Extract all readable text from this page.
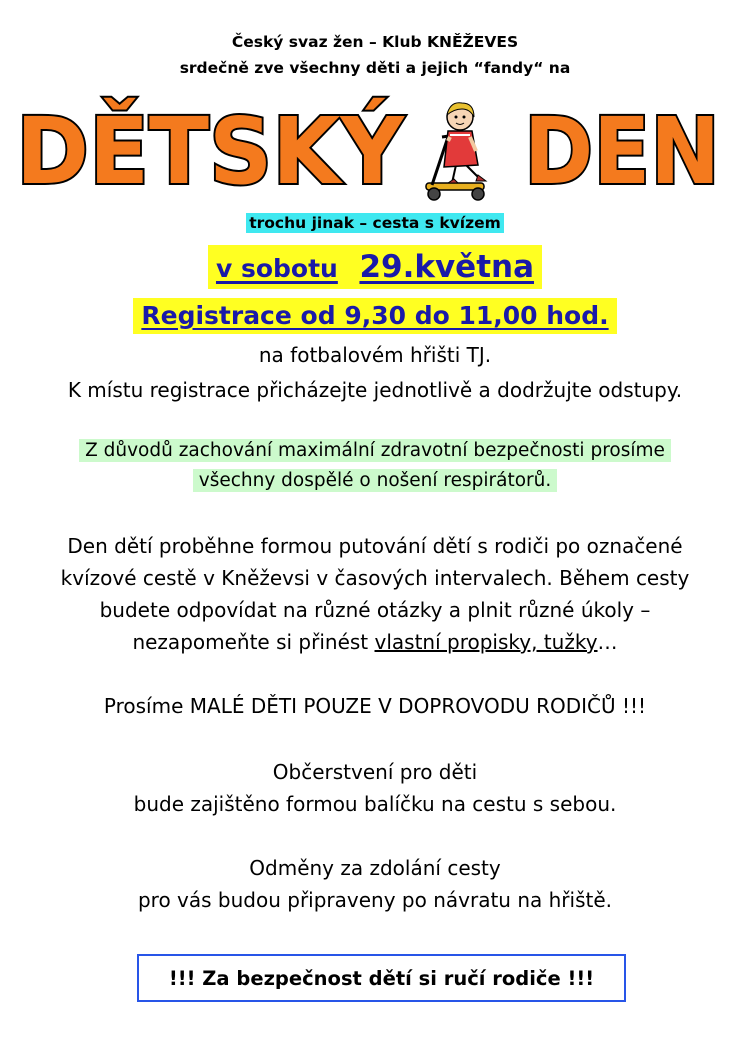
Český svaz žen – Klub KNĚŽEVES
srdečně zve všechny děti a jejich “fandy“ na
DĚTSKÝ DEN
trochu jinak – cesta s kvízem
v sobotu 29.května
Registrace od 9,30 do 11,00 hod.
na fotbalovém hřišti TJ.
K místu registrace přicházejte jednotlivě a dodržujte odstupy.
Z důvodů zachování maximální zdravotní bezpečnosti prosíme
všechny dospělé o nošení respirátorů.
Den dětí proběhne formou putování dětí s rodiči po označené
kvízové cestě v Kněževsi v časových intervalech. Během cesty
budete odpovídat na různé otázky a plnit různé úkoly –
nezapomeňte si přinést vlastní propisky, tužky…
Prosíme MALÉ DĚTI POUZE V DOPROVODU RODIČŮ !!!
Občerstvení pro děti
bude zajištěno formou balíčku na cestu s sebou.
Odměny za zdolání cesty
pro vás budou připraveny po návratu na hřiště.
!!! Za bezpečnost dětí si ručí rodiče !!!
